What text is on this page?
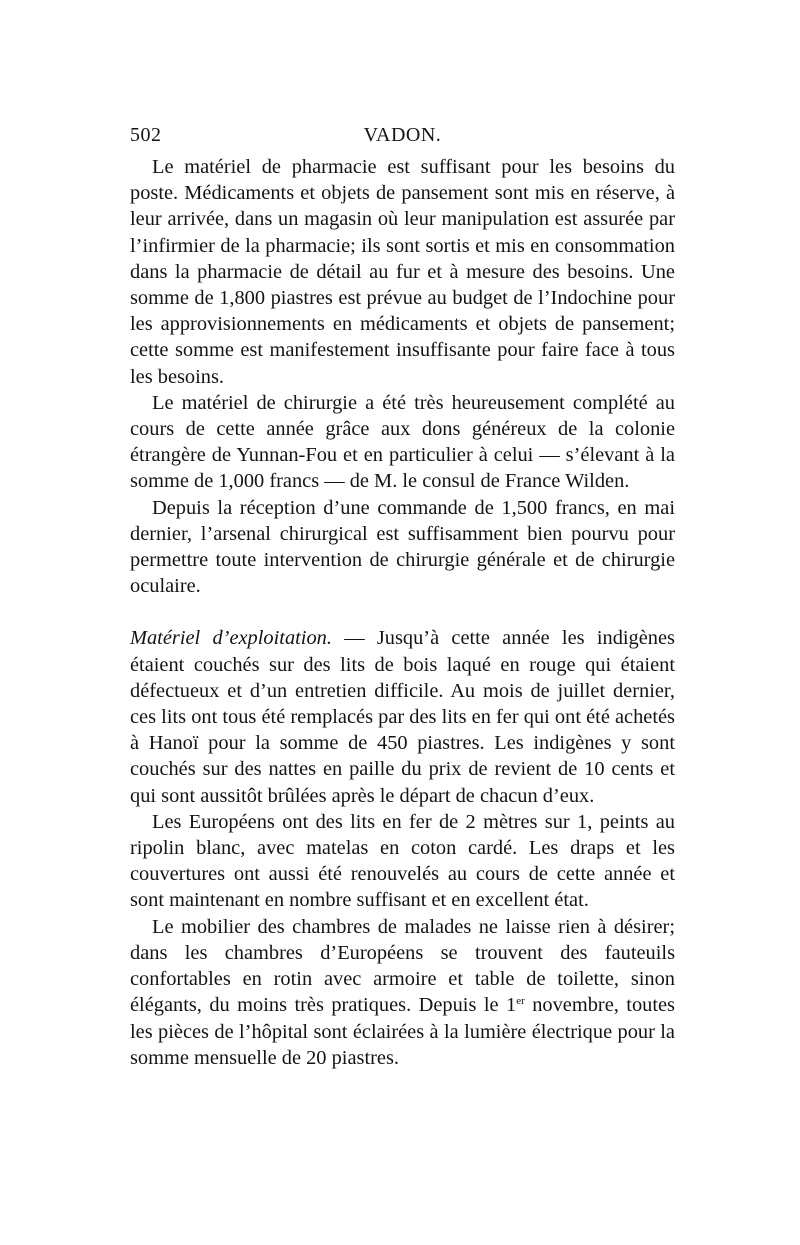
502	VADON.

Le matériel de pharmacie est suffisant pour les besoins du poste. Médicaments et objets de pansement sont mis en réserve, à leur arrivée, dans un magasin où leur manipulation est assurée par l’infirmier de la pharmacie; ils sont sortis et mis en consommation dans la pharmacie de détail au fur et à mesure des besoins. Une somme de 1,800 piastres est prévue au budget de l’Indochine pour les approvisionnements en médicaments et objets de pansement; cette somme est manifestement insuffisante pour faire face à tous les besoins.

Le matériel de chirurgie a été très heureusement complété au cours de cette année grâce aux dons généreux de la colonie étrangère de Yunnan-Fou et en particulier à celui — s’élevant à la somme de 1,000 francs — de M. le consul de France Wilden.

Depuis la réception d’une commande de 1,500 francs, en mai dernier, l’arsenal chirurgical est suffisamment bien pourvu pour permettre toute intervention de chirurgie générale et de chirurgie oculaire.

Matériel d’exploitation. — Jusqu’à cette année les indigènes étaient couchés sur des lits de bois laqué en rouge qui étaient défectueux et d’un entretien difficile. Au mois de juillet dernier, ces lits ont tous été remplacés par des lits en fer qui ont été achetés à Hanoï pour la somme de 450 piastres. Les indigènes y sont couchés sur des nattes en paille du prix de revient de 10 cents et qui sont aussitôt brûlées après le départ de chacun d’eux.

Les Européens ont des lits en fer de 2 mètres sur 1, peints au ripolin blanc, avec matelas en coton cardé. Les draps et les couvertures ont aussi été renouvelés au cours de cette année et sont maintenant en nombre suffisant et en excellent état.

Le mobilier des chambres de malades ne laisse rien à désirer; dans les chambres d’Européens se trouvent des fauteuils confortables en rotin avec armoire et table de toilette, sinon élégants, du moins très pratiques. Depuis le 1er novembre, toutes les pièces de l’hôpital sont éclairées à la lumière électrique pour la somme mensuelle de 20 piastres.
